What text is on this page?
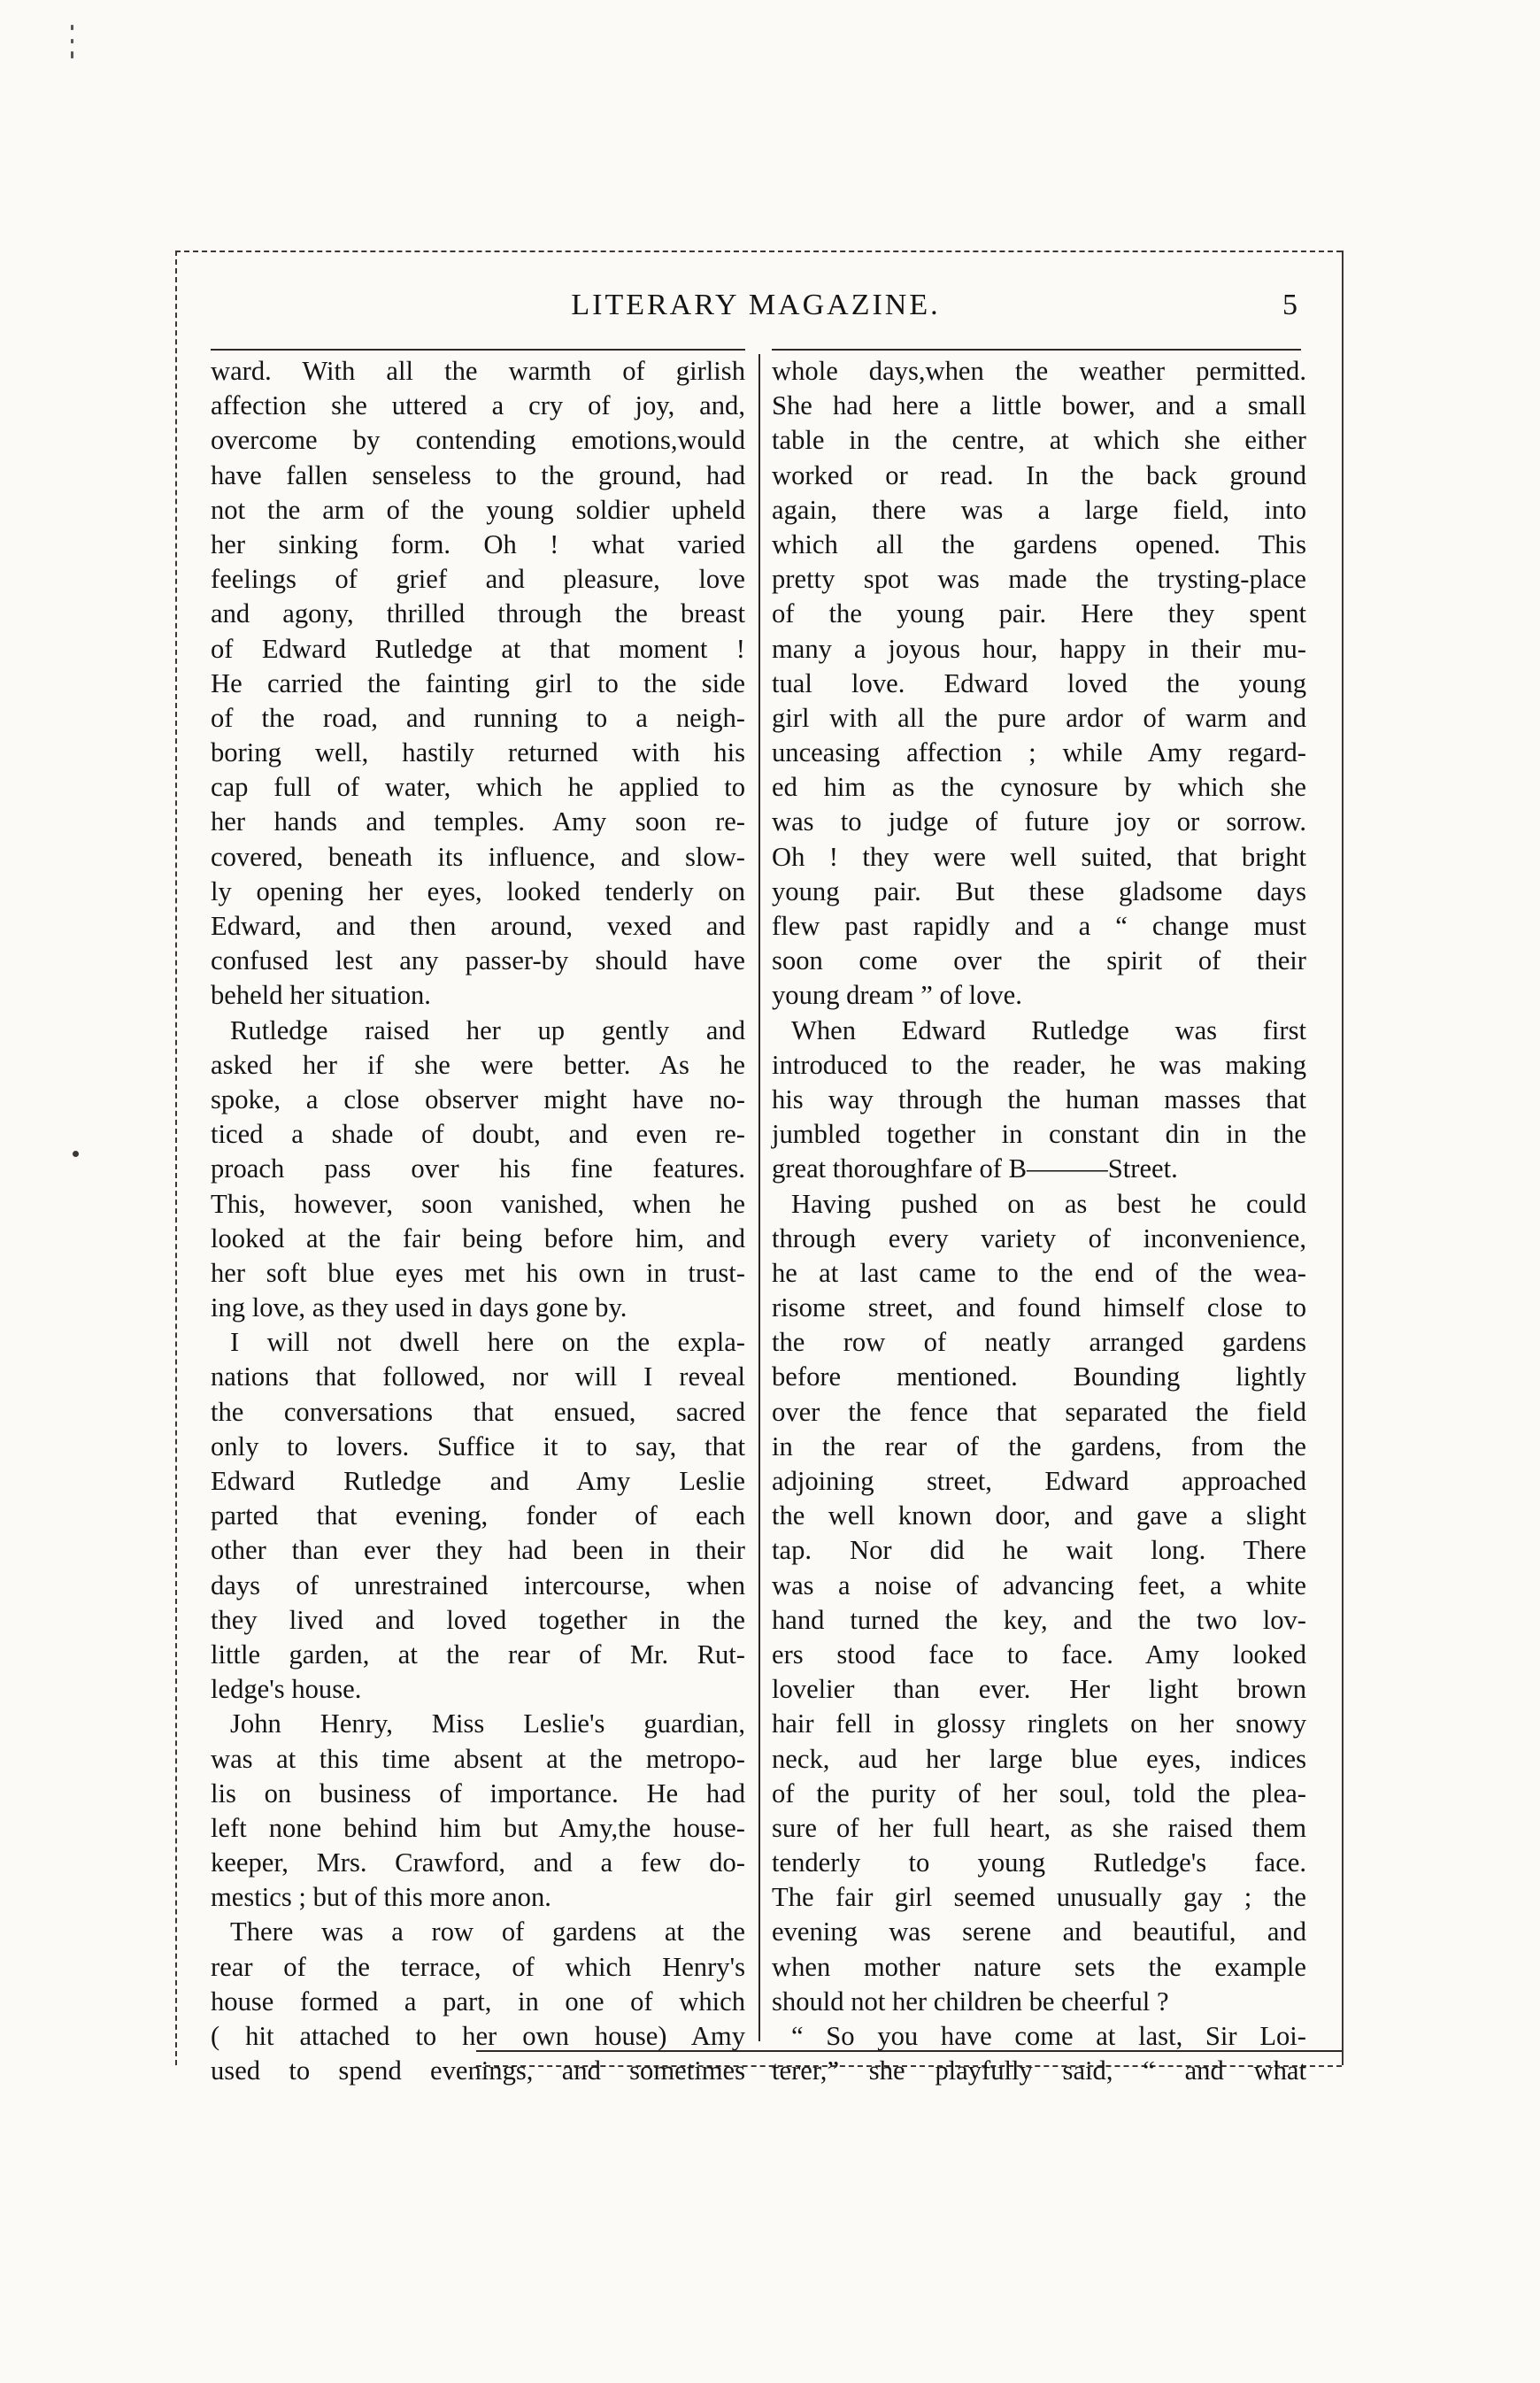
LITERARY MAGAZINE.	5
ward. With all the warmth of girlish
affection she uttered a cry of joy, and,
overcome by contending emotions,would
have fallen senseless to the ground, had
not the arm of the young soldier upheld
her sinking form. Oh ! what varied
feelings of grief and pleasure, love
and agony, thrilled through the breast
of Edward Rutledge at that moment !
He carried the fainting girl to the side
of the road, and running to a neigh-
boring well, hastily returned with his
cap full of water, which he applied to
her hands and temples. Amy soon re-
covered, beneath its influence, and slow-
ly opening her eyes, looked tenderly on
Edward, and then around, vexed and
confused lest any passer-by should have
beheld her situation.
Rutledge raised her up gently and
asked her if she were better. As he
spoke, a close observer might have no-
ticed a shade of doubt, and even re-
proach pass over his fine features.
This, however, soon vanished, when he
looked at the fair being before him, and
her soft blue eyes met his own in trust-
ing love, as they used in days gone by.
I will not dwell here on the expla-
nations that followed, nor will I reveal
the conversations that ensued, sacred
only to lovers. Suffice it to say, that
Edward Rutledge and Amy Leslie
parted that evening, fonder of each
other than ever they had been in their
days of unrestrained intercourse, when
they lived and loved together in the
little garden, at the rear of Mr. Rut-
ledge's house.
John Henry, Miss Leslie's guardian,
was at this time absent at the metropo-
lis on business of importance. He had
left none behind him but Amy,the house-
keeper, Mrs. Crawford, and a few do-
mestics ; but of this more anon.
There was a row of gardens at the
rear of the terrace, of which Henry's
house formed a part, in one of which
( hit attached to her own house) Amy
used to spend evenings, and sometimes
whole days,when the weather permitted.
She had here a little bower, and a small
table in the centre, at which she either
worked or read. In the back ground
again, there was a large field, into
which all the gardens opened. This
pretty spot was made the trysting-place
of the young pair. Here they spent
many a joyous hour, happy in their mu-
tual love. Edward loved the young
girl with all the pure ardor of warm and
unceasing affection ; while Amy regard-
ed him as the cynosure by which she
was to judge of future joy or sorrow.
Oh ! they were well suited, that bright
young pair. But these gladsome days
flew past rapidly and a “ change must
soon come over the spirit of their
young dream ” of love.
When Edward Rutledge was first
introduced to the reader, he was making
his way through the human masses that
jumbled together in constant din in the
great thoroughfare of B———Street.
Having pushed on as best he could
through every variety of inconvenience,
he at last came to the end of the wea-
risome street, and found himself close to
the row of neatly arranged gardens
before mentioned. Bounding lightly
over the fence that separated the field
in the rear of the gardens, from the
adjoining street, Edward approached
the well known door, and gave a slight
tap. Nor did he wait long. There
was a noise of advancing feet, a white
hand turned the key, and the two lov-
ers stood face to face. Amy looked
lovelier than ever. Her light brown
hair fell in glossy ringlets on her snowy
neck, aud her large blue eyes, indices
of the purity of her soul, told the plea-
sure of her full heart, as she raised them
tenderly to young Rutledge's face.
The fair girl seemed unusually gay ; the
evening was serene and beautiful, and
when mother nature sets the example
should not her children be cheerful ?
“ So you have come at last, Sir Loi-
terer,” she playfully said, “ and what
